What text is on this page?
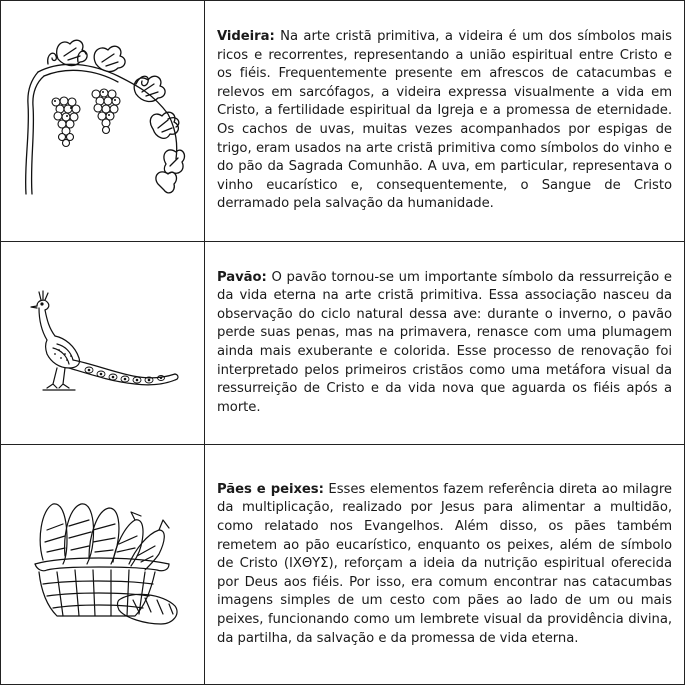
Videira: Na arte cristã primitiva, a videira é um dos símbolos mais ricos e recorrentes, representando a união espiritual entre Cristo e os fiéis. Frequentemente presente em afrescos de catacumbas e relevos em sarcófagos, a videira expressa visualmente a vida em Cristo, a fertilidade espiritual da Igreja e a promessa de eternidade. Os cachos de uvas, muitas vezes acompanhados por espigas de trigo, eram usados na arte cristã primitiva como símbolos do vinho e do pão da Sagrada Comunhão. A uva, em particular, representava o vinho eucarístico e, consequentemente, o Sangue de Cristo derramado pela salvação da humanidade.

Pavão: O pavão tornou-se um importante símbolo da ressurreição e da vida eterna na arte cristã primitiva. Essa associação nasceu da observação do ciclo natural dessa ave: durante o inverno, o pavão perde suas penas, mas na primavera, renasce com uma plumagem ainda mais exuberante e colorida. Esse processo de renovação foi interpretado pelos primeiros cristãos como uma metáfora visual da ressurreição de Cristo e da vida nova que aguarda os fiéis após a morte.

Pães e peixes: Esses elementos fazem referência direta ao milagre da multiplicação, realizado por Jesus para alimentar a multidão, como relatado nos Evangelhos. Além disso, os pães também remetem ao pão eucarístico, enquanto os peixes, além de símbolo de Cristo (ΙΧΘΥΣ), reforçam a ideia da nutrição espiritual oferecida por Deus aos fiéis. Por isso, era comum encontrar nas catacumbas imagens simples de um cesto com pães ao lado de um ou mais peixes, funcionando como um lembrete visual da providência divina, da partilha, da salvação e da promessa de vida eterna.
